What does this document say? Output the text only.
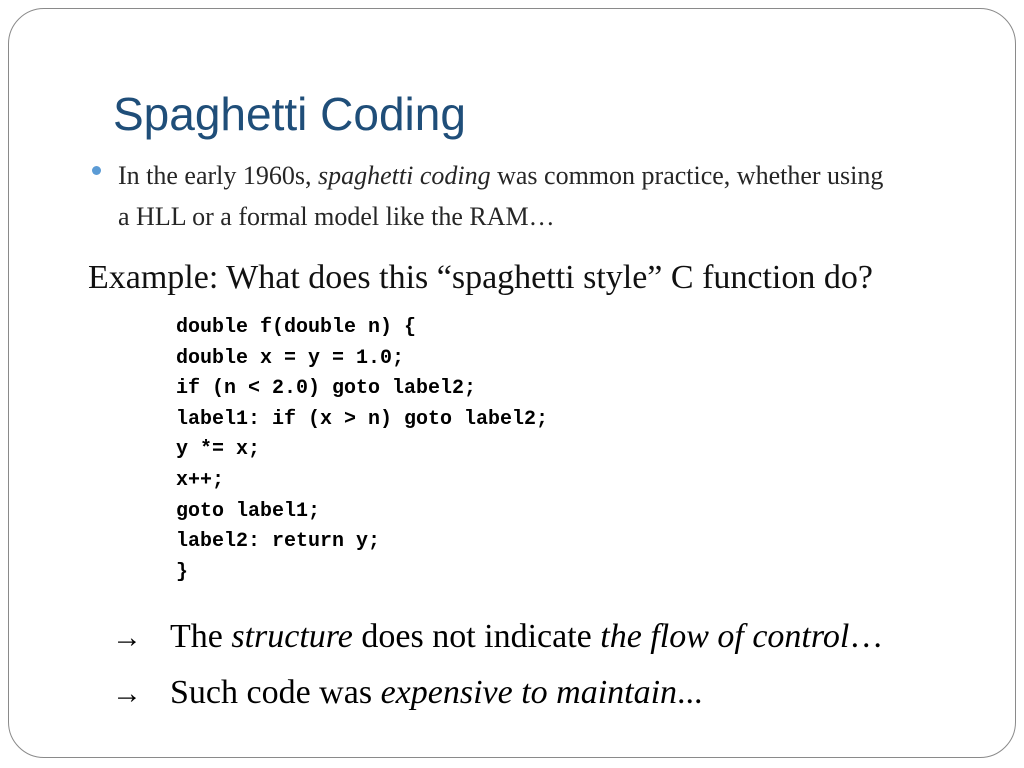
Spaghetti Coding
In the early 1960s, spaghetti coding was common practice, whether using
a HLL or a formal model like the RAM…
Example: What does this “spaghetti style” C function do?
double f(double n) {
double x = y = 1.0;
if (n < 2.0) goto label2;
label1: if (x > n) goto label2;
y *= x;
x++;
goto label1;
label2: return y;
}
→ The structure does not indicate the flow of control…
→ Such code was expensive to maintain...
